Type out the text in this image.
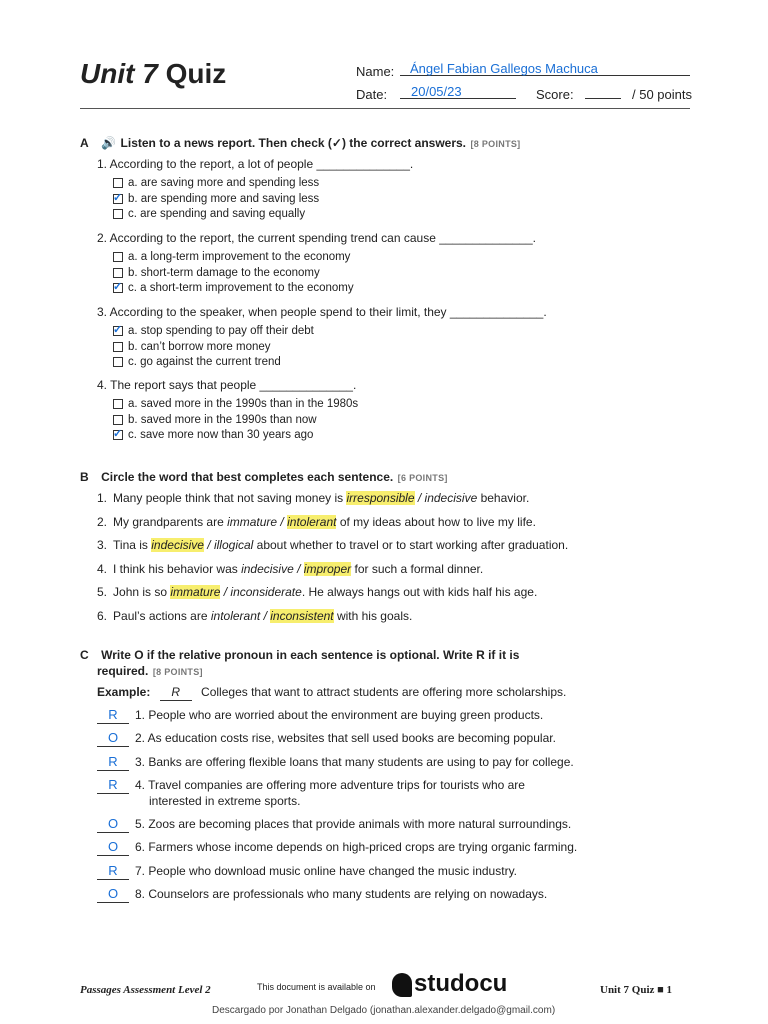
Unit 7 Quiz	Name: Ángel Fabian Gallegos Machuca
Date: 20/05/23	Score:	/ 50 points
A 🔊 Listen to a news report. Then check (✓) the correct answers. [8 POINTS]
B Circle the word that best completes each sentence. [6 POINTS]
C Write O if the relative pronoun in each sentence is optional. Write R if it is
required. [8 POINTS]
Example: R Colleges that want to attract students are offering more scholarships.
Passages Assessment Level 2	This document is available on	studocu	Unit 7 Quiz ■ 1
Descargado por Jonathan Delgado (jonathan.alexander.delgado@gmail.com)
1. According to the report, a lot of people ______________.
a. are saving more and spending less
✓ b. are spending more and saving less
c. are spending and saving equally
2. According to the report, the current spending trend can cause ______________.
a. a long-term improvement to the economy
b. short-term damage to the economy
✓ c. a short-term improvement to the economy
3. According to the speaker, when people spend to their limit, they ______________.
✓ a. stop spending to pay off their debt
b. can’t borrow more money
c. go against the current trend
4. The report says that people ______________.
a. saved more in the 1990s than in the 1980s
b. saved more in the 1990s than now
✓ c. save more now than 30 years ago
1. Many people think that not saving money is irresponsible / indecisive behavior.
2. My grandparents are immature / intolerant of my ideas about how to live my life.
3. Tina is indecisive / illogical about whether to travel or to start working after graduation.
4. I think his behavior was indecisive / improper for such a formal dinner.
5. John is so immature / inconsiderate. He always hangs out with kids half his age.
6. Paul’s actions are intolerant / inconsistent with his goals.
R 1. People who are worried about the environment are buying green products.
O 2. As education costs rise, websites that sell used books are becoming popular.
R 3. Banks are offering flexible loans that many students are using to pay for college.
R 4. Travel companies are offering more adventure trips for tourists who are
interested in extreme sports.
O 5. Zoos are becoming places that provide animals with more natural surroundings.
O 6. Farmers whose income depends on high-priced crops are trying organic farming.
R 7. People who download music online have changed the music industry.
O 8. Counselors are professionals who many students are relying on nowadays.
